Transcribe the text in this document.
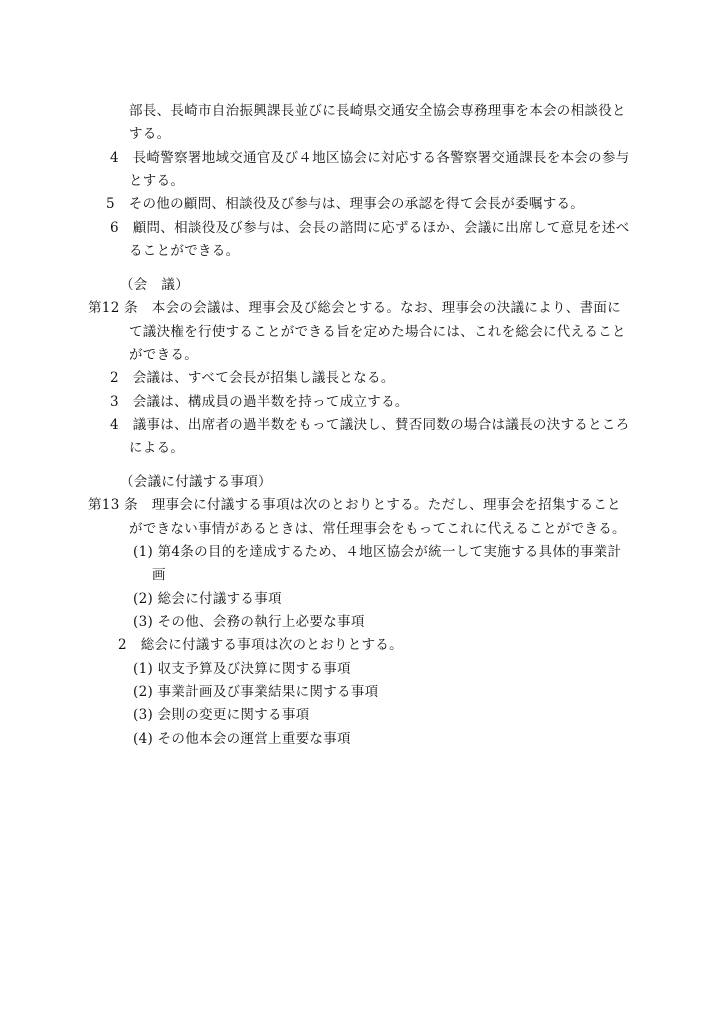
部長、長崎市自治振興課長並びに長崎県交通安全協会専務理事を本会の相談役と
する。
4　長崎警察署地域交通官及び４地区協会に対応する各警察署交通課長を本会の参与
とする。
5　その他の顧問、相談役及び参与は、理事会の承認を得て会長が委嘱する。
6　顧問、相談役及び参与は、会長の諮問に応ずるほか、会議に出席して意見を述べ
ることができる。
（会　議）
第12 条　本会の会議は、理事会及び総会とする。なお、理事会の決議により、書面に
て議決権を行使することができる旨を定めた場合には、これを総会に代えること
ができる。
2　会議は、すべて会長が招集し議長となる。
3　会議は、構成員の過半数を持って成立する。
4　議事は、出席者の過半数をもって議決し、賛否同数の場合は議長の決するところ
による。
（会議に付議する事項）
第13 条　理事会に付議する事項は次のとおりとする。ただし、理事会を招集すること
ができない事情があるときは、常任理事会をもってこれに代えることができる。
(1) 第4条の目的を達成するため、４地区協会が統一して実施する具体的事業計
画
(2) 総会に付議する事項
(3) その他、会務の執行上必要な事項
2　総会に付議する事項は次のとおりとする。
(1) 収支予算及び決算に関する事項
(2) 事業計画及び事業結果に関する事項
(3) 会則の変更に関する事項
(4) その他本会の運営上重要な事項
